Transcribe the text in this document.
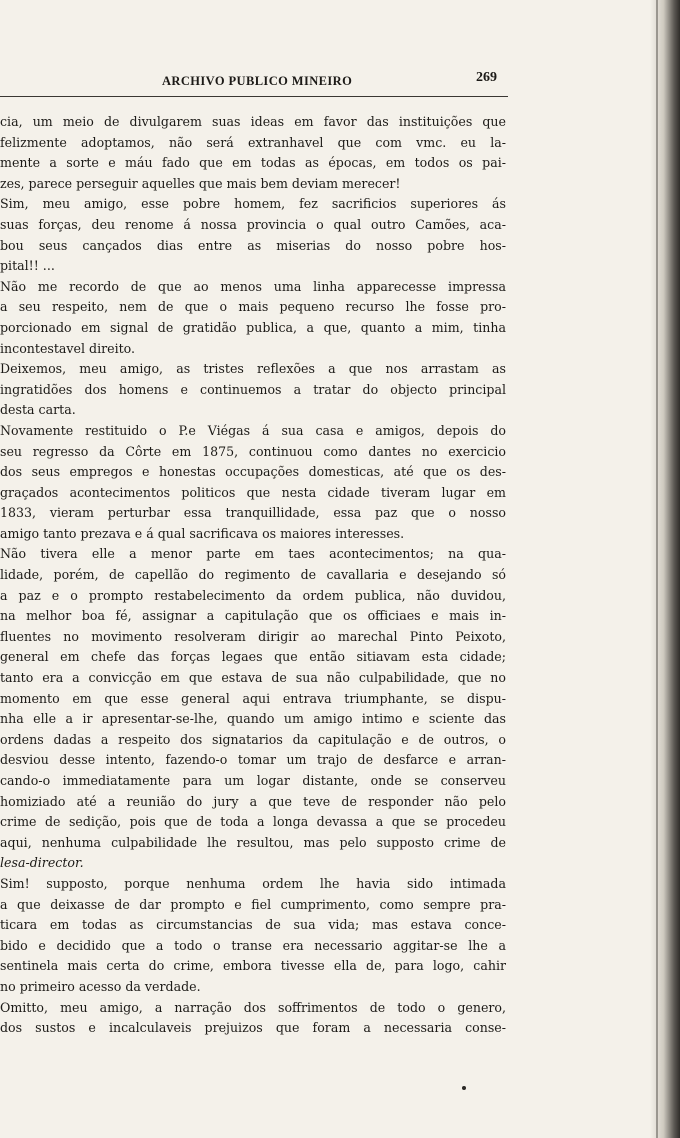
ARCHIVO PUBLICO MINEIRO	269
cia, um meio de divulgarem suas ideas em favor das instituições que
felizmente adoptamos, não será extranhavel que com vmc. eu la-
mente a sorte e máu fado que em todas as épocas, em todos os pai-
zes, parece perseguir aquelles que mais bem deviam merecer!
Sim, meu amigo, esse pobre homem, fez sacrificios superiores ás
suas forças, deu renome á nossa provincia o qual outro Camões, aca-
bou seus cançados dias entre as miserias do nosso pobre hos-
pital!! ...
Não me recordo de que ao menos uma linha apparecesse impressa
a seu respeito, nem de que o mais pequeno recurso lhe fosse pro-
porcionado em signal de gratidão publica, a que, quanto a mim, tinha
incontestavel direito.
Deixemos, meu amigo, as tristes reflexões a que nos arrastam as
ingratidões dos homens e continuemos a tratar do objecto principal
desta carta.
Novamente restituido o P.e Viégas á sua casa e amigos, depois do
seu regresso da Côrte em 1875, continuou como dantes no exercicio
dos seus empregos e honestas occupações domesticas, até que os des-
graçados acontecimentos politicos que nesta cidade tiveram lugar em
1833, vieram perturbar essa tranquillidade, essa paz que o nosso
amigo tanto prezava e á qual sacrificava os maiores interesses.
Não tivera elle a menor parte em taes acontecimentos; na qua-
lidade, porém, de capellão do regimento de cavallaria e desejando só
a paz e o prompto restabelecimento da ordem publica, não duvidou,
na melhor boa fé, assignar a capitulação que os officiaes e mais in-
fluentes no movimento resolveram dirigir ao marechal Pinto Peixoto,
general em chefe das forças legaes que então sitiavam esta cidade;
tanto era a convicção em que estava de sua não culpabilidade, que no
momento em que esse general aqui entrava triumphante, se dispu-
nha elle a ir apresentar-se-lhe, quando um amigo intimo e sciente das
ordens dadas a respeito dos signatarios da capitulação e de outros, o
desviou desse intento, fazendo-o tomar um trajo de desfarce e arran-
cando-o immediatamente para um logar distante, onde se conserveu
homiziado até a reunião do jury a que teve de responder não pelo
crime de sedição, pois que de toda a longa devassa a que se procedeu
aqui, nenhuma culpabilidade lhe resultou, mas pelo supposto crime de
lesa-director.
Sim! supposto, porque nenhuma ordem lhe havia sido intimada
a que deixasse de dar prompto e fiel cumprimento, como sempre pra-
ticara em todas as circumstancias de sua vida; mas estava conce-
bido e decidido que a todo o transe era necessario aggitar-se lhe a
sentinela mais certa do crime, embora tivesse ella de, para logo, cahir
no primeiro acesso da verdade.
Omitto, meu amigo, a narração dos soffrimentos de todo o genero,
dos sustos e incalculaveis prejuizos que foram a necessaria conse-
